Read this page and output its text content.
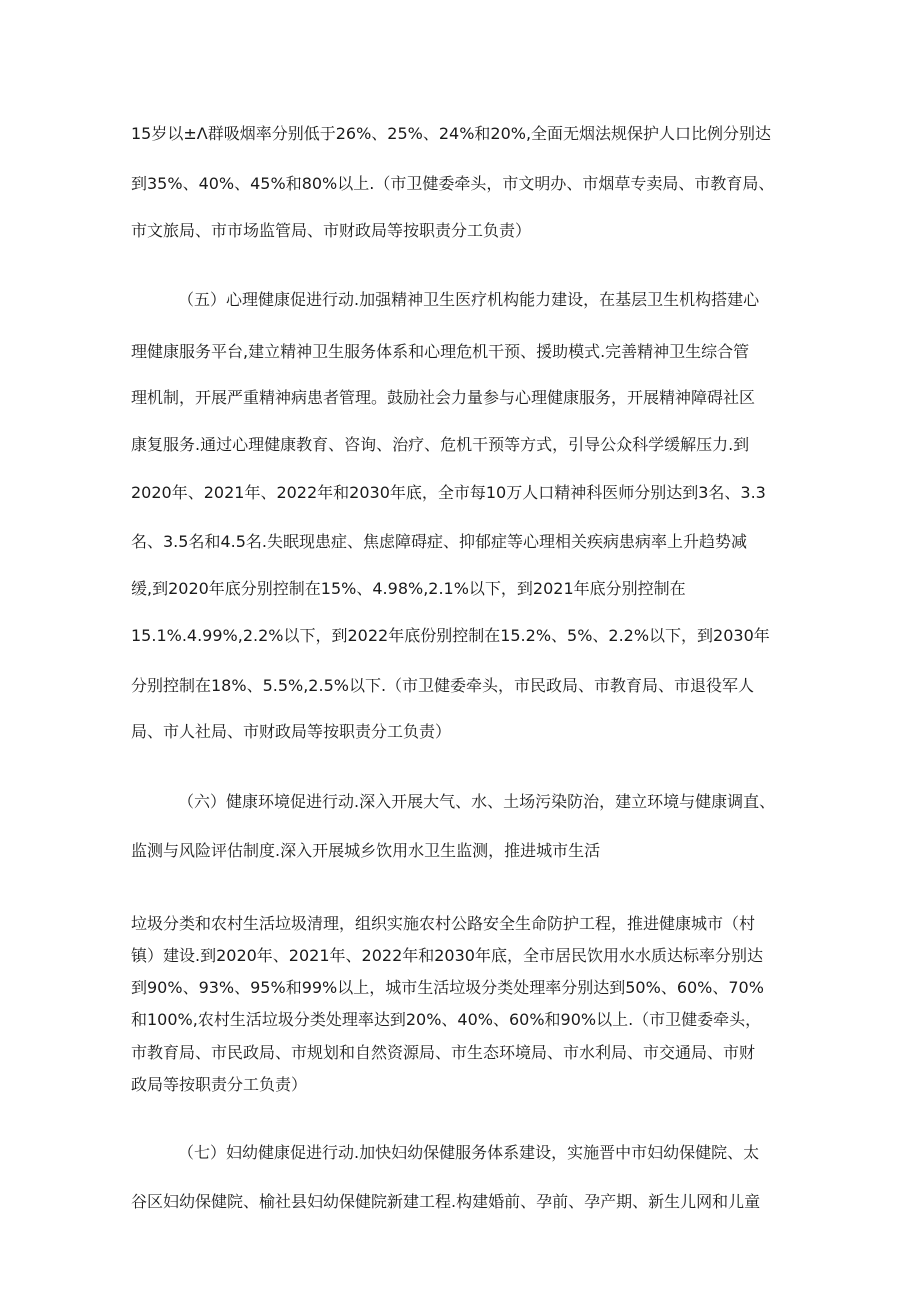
15岁以±Λ群吸烟率分别低于26%、25%、24%和20%,全面无烟法规保护人口比例分别达
到35%、40%、45%和80%以上.（市卫健委牵头，市文明办、市烟草专卖局、市教育局、
市文旅局、市市场监管局、市财政局等按职责分工负责）
（五）心理健康促进行动.加强精神卫生医疗机构能力建设，在基层卫生机构搭建心
理健康服务平台,建立精神卫生服务体系和心理危机干预、援助模式.完善精神卫生综合管
理机制，开展严重精神病患者管理。鼓励社会力量参与心理健康服务，开展精神障碍社区
康复服务.通过心理健康教育、咨询、治疗、危机干预等方式，引导公众科学缓解压力.到
2020年、2021年、2022年和2030年底，全市每10万人口精神科医师分别达到3名、3.3
名、3.5名和4.5名.失眠现患症、焦虑障碍症、抑郁症等心理相关疾病患病率上升趋势减
缓,到2020年底分别控制在15%、4.98%,2.1%以下，到2021年底分别控制在
15.1%.4.99%,2.2%以下，到2022年底份别控制在15.2%、5%、2.2%以下，到2030年
分别控制在18%、5.5%,2.5%以下.（市卫健委牵头，市民政局、市教育局、市退役军人
局、市人社局、市财政局等按职责分工负责）
（六）健康环境促进行动.深入开展大气、水、土场污染防治，建立环境与健康调直、
监测与风险评估制度.深入开展城乡饮用水卫生监测，推进城市生活
垃圾分类和农村生活垃圾清理，组织实施农村公路安全生命防护工程，推进健康城市（村
镇）建设.到2020年、2021年、2022年和2030年底，全市居民饮用水水质达标率分别达
到90%、93%、95%和99%以上，城市生活垃圾分类处理率分别达到50%、60%、70%
和100%,农村生活垃圾分类处理率达到20%、40%、60%和90%以上.（市卫健委牵头，
市教育局、市民政局、市规划和自然资源局、市生态环境局、市水利局、市交通局、市财
政局等按职责分工负责）
（七）妇幼健康促进行动.加快妇幼保健服务体系建设，实施晋中市妇幼保健院、太
谷区妇幼保健院、榆社县妇幼保健院新建工程.构建婚前、孕前、孕产期、新生儿网和儿童
